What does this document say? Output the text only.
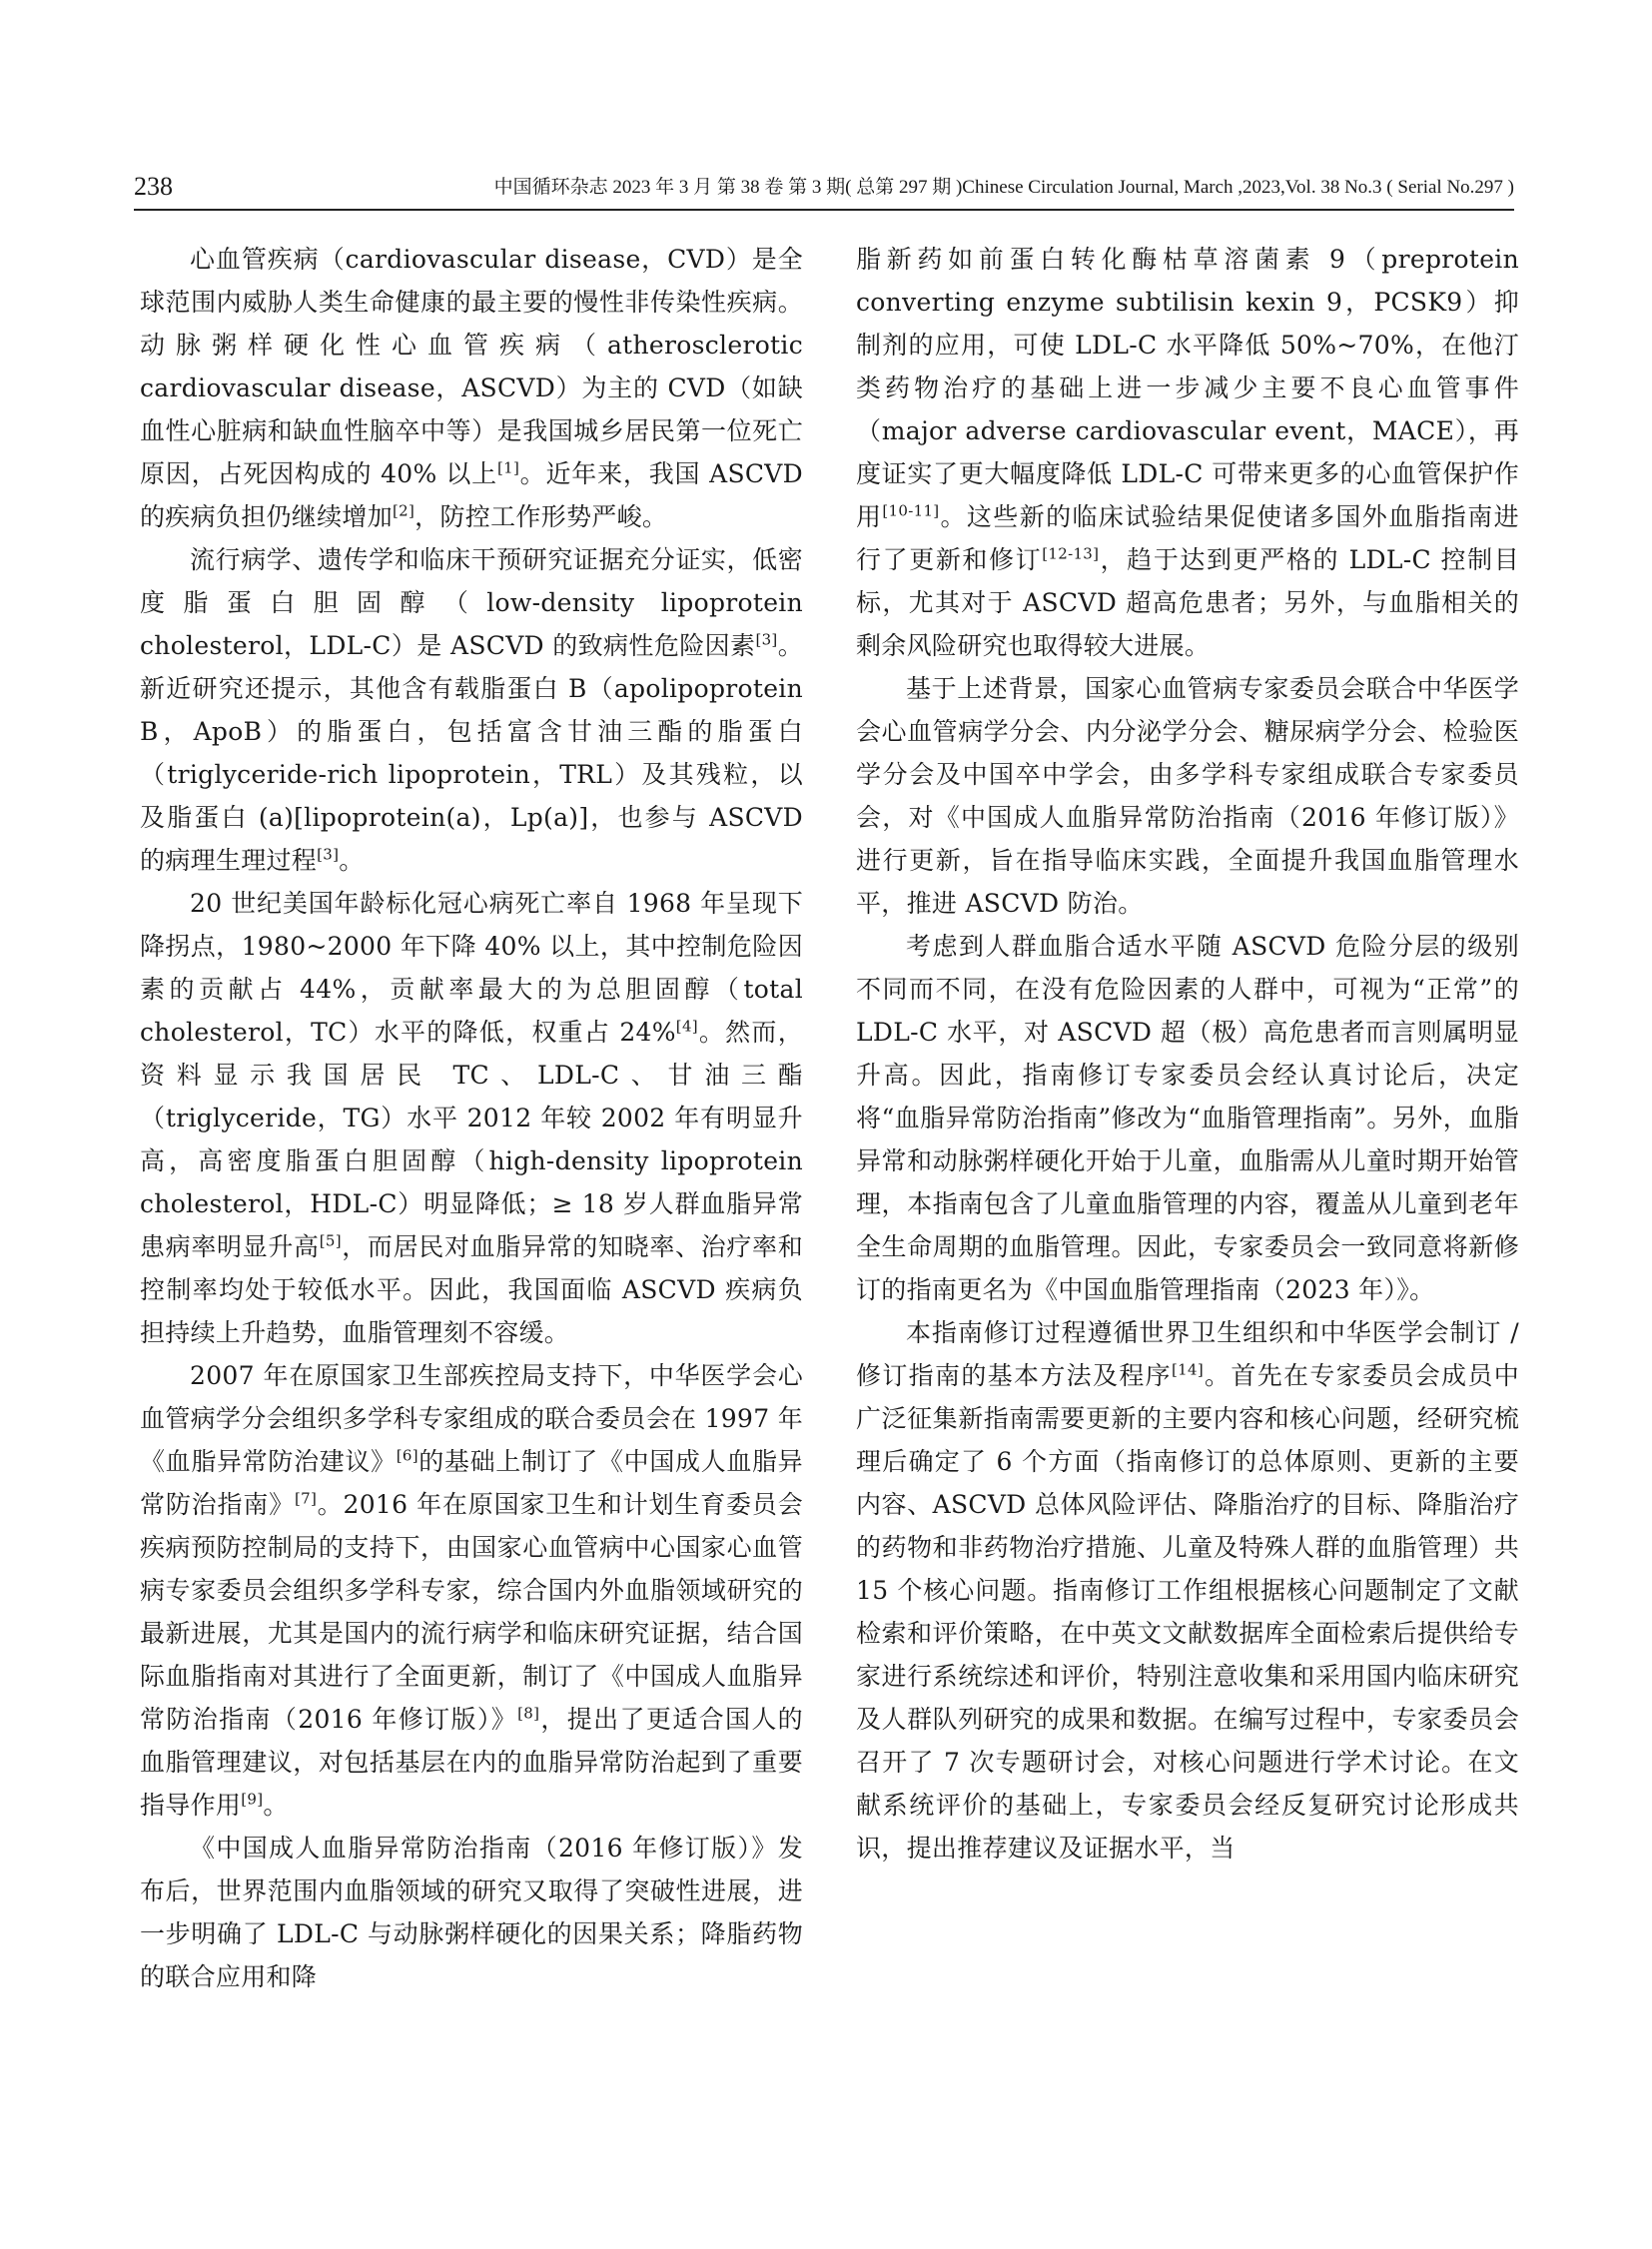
238	中国循环杂志 2023 年 3 月 第 38 卷 第 3 期( 总第 297 期 )Chinese Circulation Journal, March ,2023,Vol. 38 No.3 ( Serial No.297 )

心血管疾病（cardiovascular disease，CVD）是全球范围内威胁人类生命健康的最主要的慢性非传染性疾病。动脉粥样硬化性心血管疾病（atherosclerotic cardiovascular disease，ASCVD）为主的 CVD（如缺血性心脏病和缺血性脑卒中等）是我国城乡居民第一位死亡原因，占死因构成的 40% 以上[1]。近年来，我国 ASCVD 的疾病负担仍继续增加[2]，防控工作形势严峻。

流行病学、遗传学和临床干预研究证据充分证实，低密度脂蛋白胆固醇（low-density lipoprotein cholesterol，LDL-C）是 ASCVD 的致病性危险因素[3]。新近研究还提示，其他含有载脂蛋白 B（apolipoprotein B，ApoB）的脂蛋白，包括富含甘油三酯的脂蛋白（triglyceride-rich lipoprotein，TRL）及其残粒，以及脂蛋白 (a)[lipoprotein(a)，Lp(a)]，也参与 ASCVD 的病理生理过程[3]。

20 世纪美国年龄标化冠心病死亡率自 1968 年呈现下降拐点，1980~2000 年下降 40% 以上，其中控制危险因素的贡献占 44%，贡献率最大的为总胆固醇（total cholesterol，TC）水平的降低，权重占 24%[4]。然而，资料显示我国居民 TC、LDL-C、甘油三酯（triglyceride，TG）水平 2012 年较 2002 年有明显升高，高密度脂蛋白胆固醇（high-density lipoprotein cholesterol，HDL-C）明显降低；≥ 18 岁人群血脂异常患病率明显升高[5]，而居民对血脂异常的知晓率、治疗率和控制率均处于较低水平。因此，我国面临 ASCVD 疾病负担持续上升趋势，血脂管理刻不容缓。

2007 年在原国家卫生部疾控局支持下，中华医学会心血管病学分会组织多学科专家组成的联合委员会在 1997 年《血脂异常防治建议》[6]的基础上制订了《中国成人血脂异常防治指南》[7]。2016 年在原国家卫生和计划生育委员会疾病预防控制局的支持下，由国家心血管病中心国家心血管病专家委员会组织多学科专家，综合国内外血脂领域研究的最新进展，尤其是国内的流行病学和临床研究证据，结合国际血脂指南对其进行了全面更新，制订了《中国成人血脂异常防治指南（2016 年修订版）》[8]，提出了更适合国人的血脂管理建议，对包括基层在内的血脂异常防治起到了重要指导作用[9]。

《中国成人血脂异常防治指南（2016 年修订版）》发布后，世界范围内血脂领域的研究又取得了突破性进展，进一步明确了 LDL-C 与动脉粥样硬化的因果关系；降脂药物的联合应用和降

脂新药如前蛋白转化酶枯草溶菌素 9（preprotein converting enzyme subtilisin kexin 9，PCSK9）抑制剂的应用，可使 LDL-C 水平降低 50%~70%，在他汀类药物治疗的基础上进一步减少主要不良心血管事件（major adverse cardiovascular event，MACE），再度证实了更大幅度降低 LDL-C 可带来更多的心血管保护作用[10-11]。这些新的临床试验结果促使诸多国外血脂指南进行了更新和修订[12-13]，趋于达到更严格的 LDL-C 控制目标，尤其对于 ASCVD 超高危患者；另外，与血脂相关的剩余风险研究也取得较大进展。

基于上述背景，国家心血管病专家委员会联合中华医学会心血管病学分会、内分泌学分会、糖尿病学分会、检验医学分会及中国卒中学会，由多学科专家组成联合专家委员会，对《中国成人血脂异常防治指南（2016 年修订版）》进行更新，旨在指导临床实践，全面提升我国血脂管理水平，推进 ASCVD 防治。

考虑到人群血脂合适水平随 ASCVD 危险分层的级别不同而不同，在没有危险因素的人群中，可视为“正常”的 LDL-C 水平，对 ASCVD 超（极）高危患者而言则属明显升高。因此，指南修订专家委员会经认真讨论后，决定将“血脂异常防治指南”修改为“血脂管理指南”。另外，血脂异常和动脉粥样硬化开始于儿童，血脂需从儿童时期开始管理，本指南包含了儿童血脂管理的内容，覆盖从儿童到老年全生命周期的血脂管理。因此，专家委员会一致同意将新修订的指南更名为《中国血脂管理指南（2023 年）》。

本指南修订过程遵循世界卫生组织和中华医学会制订 / 修订指南的基本方法及程序[14]。首先在专家委员会成员中广泛征集新指南需要更新的主要内容和核心问题，经研究梳理后确定了 6 个方面（指南修订的总体原则、更新的主要内容、ASCVD 总体风险评估、降脂治疗的目标、降脂治疗的药物和非药物治疗措施、儿童及特殊人群的血脂管理）共 15 个核心问题。指南修订工作组根据核心问题制定了文献检索和评价策略，在中英文文献数据库全面检索后提供给专家进行系统综述和评价，特别注意收集和采用国内临床研究及人群队列研究的成果和数据。在编写过程中，专家委员会召开了 7 次专题研讨会，对核心问题进行学术讨论。在文献系统评价的基础上，专家委员会经反复研究讨论形成共识，提出推荐建议及证据水平，当
